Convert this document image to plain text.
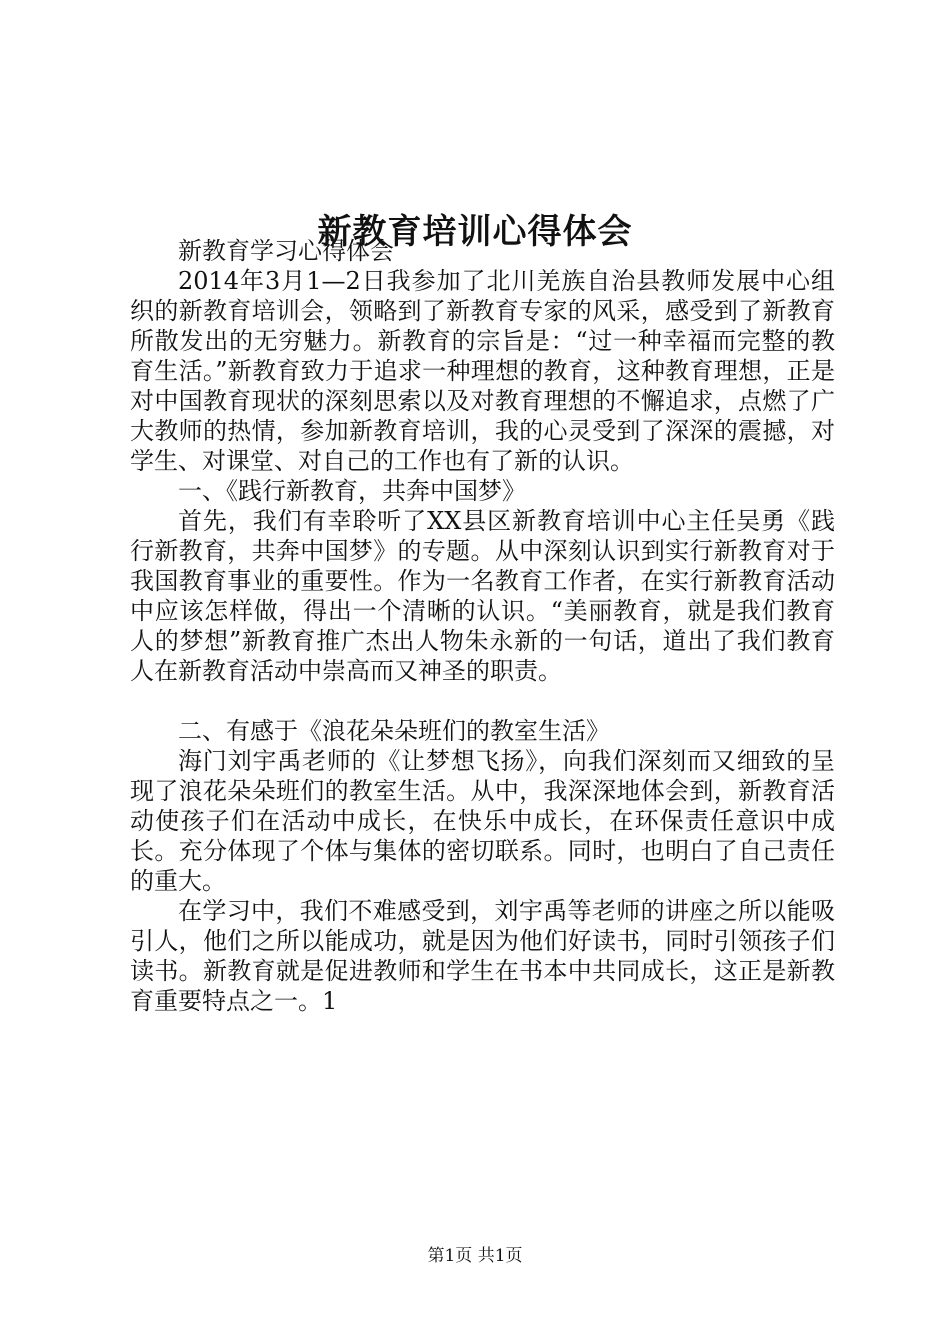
新教育培训心得体会

新教育学习心得体会

2014年3月1—2日我参加了北川羌族自治县教师发展中心组织的新教育培训会，领略到了新教育专家的风采，感受到了新教育所散发出的无穷魅力。新教育的宗旨是：“过一种幸福而完整的教育生活。”新教育致力于追求一种理想的教育，这种教育理想，正是对中国教育现状的深刻思索以及对教育理想的不懈追求，点燃了广大教师的热情，参加新教育培训，我的心灵受到了深深的震撼，对学生、对课堂、对自己的工作也有了新的认识。

一、《践行新教育，共奔中国梦》

首先，我们有幸聆听了XX县区新教育培训中心主任吴勇《践行新教育，共奔中国梦》的专题。从中深刻认识到实行新教育对于我国教育事业的重要性。作为一名教育工作者，在实行新教育活动中应该怎样做，得出一个清晰的认识。“美丽教育，就是我们教育人的梦想”新教育推广杰出人物朱永新的一句话，道出了我们教育人在新教育活动中崇高而又神圣的职责。

二、有感于《浪花朵朵班们的教室生活》

海门刘宇禹老师的《让梦想飞扬》，向我们深刻而又细致的呈现了浪花朵朵班们的教室生活。从中，我深深地体会到，新教育活动使孩子们在活动中成长，在快乐中成长，在环保责任意识中成长。充分体现了个体与集体的密切联系。同时，也明白了自己责任的重大。

在学习中，我们不难感受到，刘宇禹等老师的讲座之所以能吸引人，他们之所以能成功，就是因为他们好读书，同时引领孩子们读书。新教育就是促进教师和学生在书本中共同成长，这正是新教育重要特点之一。1

第1页 共1页
